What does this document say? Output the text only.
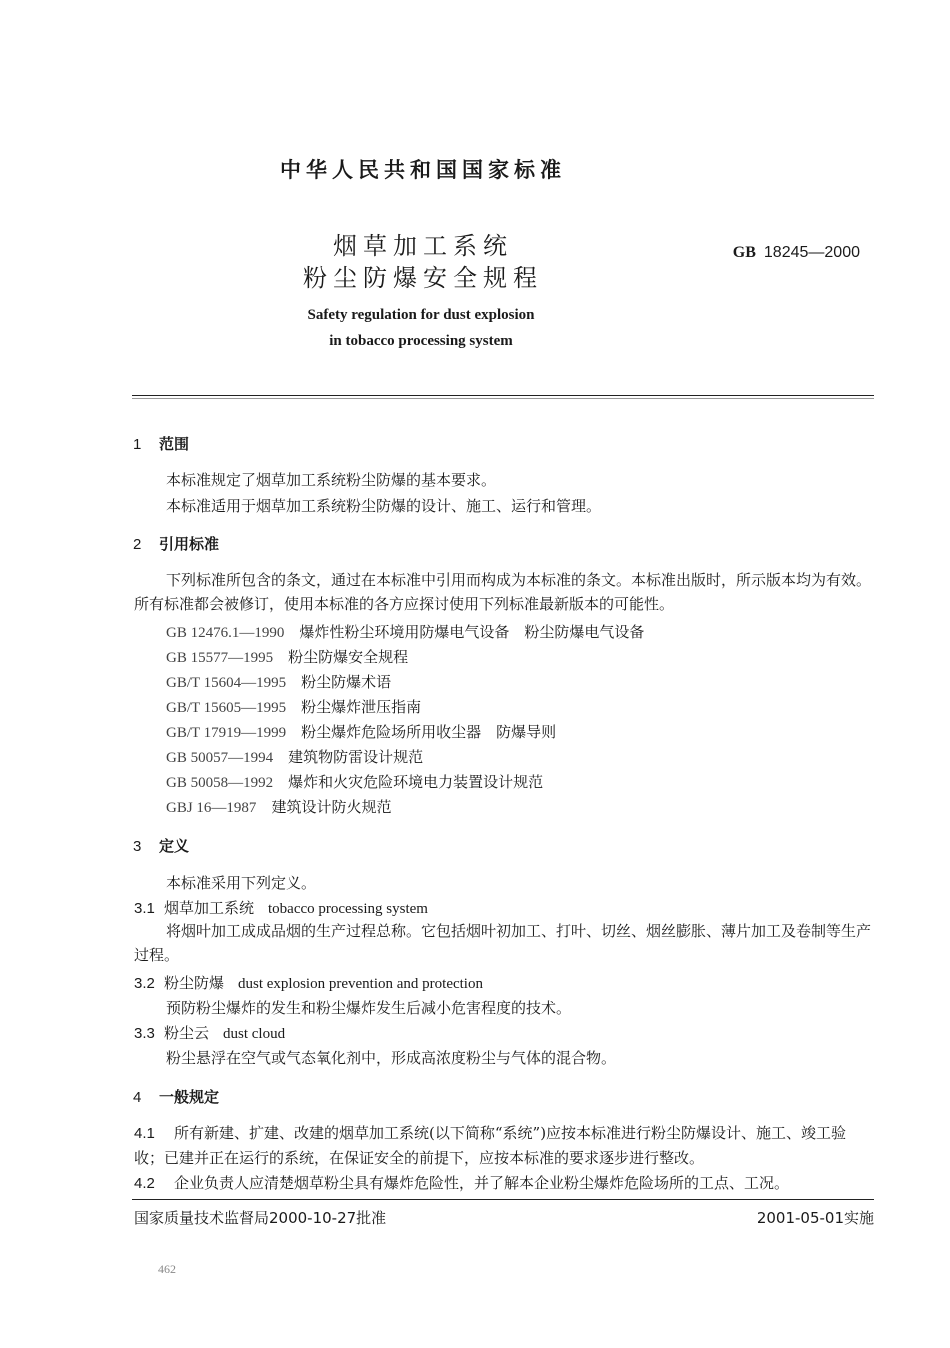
中华人民共和国国家标准
烟草加工系统
粉尘防爆安全规程
GB 18245—2000
Safety regulation for dust explosion
in tobacco processing system
1 范围
本标准规定了烟草加工系统粉尘防爆的基本要求。
本标准适用于烟草加工系统粉尘防爆的设计、施工、运行和管理。
2 引用标准
下列标准所包含的条文，通过在本标准中引用而构成为本标准的条文。本标准出版时，所示版本均为有效。所有标准都会被修订，使用本标准的各方应探讨使用下列标准最新版本的可能性。
GB 12476.1—1990　 爆炸性粉尘环境用防爆电气设备　粉尘防爆电气设备
GB 15577—1995　 粉尘防爆安全规程
GB/T 15604—1995　 粉尘防爆术语
GB/T 15605—1995　 粉尘爆炸泄压指南
GB/T 17919—1999　 粉尘爆炸危险场所用收尘器　防爆导则
GB 50057—1994　 建筑物防雷设计规范
GB 50058—1992　 爆炸和火灾危险环境电力装置设计规范
GBJ 16—1987　 建筑设计防火规范
3 定义
本标准采用下列定义。
3.1 烟草加工系统 tobacco processing system
将烟叶加工成成品烟的生产过程总称。它包括烟叶初加工、打叶、切丝、烟丝膨胀、薄片加工及卷制等生产过程。
3.2 粉尘防爆 dust explosion prevention and protection
预防粉尘爆炸的发生和粉尘爆炸发生后减小危害程度的技术。
3.3 粉尘云 dust cloud
粉尘悬浮在空气或气态氧化剂中，形成高浓度粉尘与气体的混合物。
4 一般规定
4.1 所有新建、扩建、改建的烟草加工系统(以下简称“系统”)应按本标准进行粉尘防爆设计、施工、竣工验收；已建并正在运行的系统，在保证安全的前提下，应按本标准的要求逐步进行整改。
4.2 企业负责人应清楚烟草粉尘具有爆炸危险性，并了解本企业粉尘爆炸危险场所的工点、工况。
国家质量技术监督局2000-10-27批准	2001-05-01实施
462
